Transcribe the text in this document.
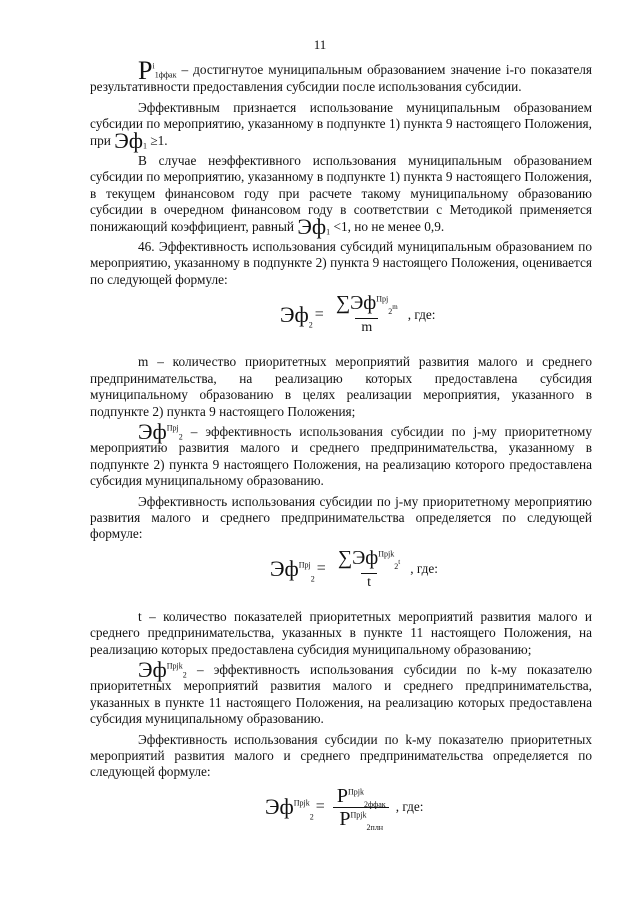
11

$P^i_{1ффак}$ – достигнутое муниципальным образованием значение i-го показателя результативности предоставления субсидии после использования субсидии.

Эффективным признается использование муниципальным образованием субсидии по мероприятию, указанному в подпункте 1) пункта 9 настоящего Положения, при $Эф_1 \ge 1$.

В случае неэффективного использования муниципальным образованием субсидии по мероприятию, указанному в подпункте 1) пункта 9 настоящего Положения, в текущем финансовом году при расчете такому муниципальному образованию субсидии в очередном финансовом году в соответствии с Методикой применяется понижающий коэффициент, равный $Эф_1 <1$, но не менее 0,9.

46. Эффективность использования субсидий муниципальным образованием по мероприятию, указанному в подпункте 2) пункта 9 настоящего Положения, оценивается по следующей формуле:

$Эф_2$
= $\frac{\sum Эф^{Прj}_2m}{m}$ , где:

m – количество приоритетных мероприятий развития малого и среднего предпринимательства, на реализацию которых предоставлена субсидия муниципальному образованию в целях реализации мероприятия, указанного в подпункте 2) пункта 9 настоящего Положения;

$Эф^{Прj}_2$ – эффективность использования субсидии по j-му приоритетному мероприятию развития малого и среднего предпринимательства, указанному в подпункте 2) пункта 9 настоящего Положения, на реализацию которого предоставлена субсидия муниципальному образованию.

Эффективность использования субсидии по j-му приоритетному мероприятию развития малого и среднего предпринимательства определяется по следующей формуле:

$Эф^{Прj}_2$
= $\frac{\sum Эф^{Прjk}_2t}{t}$ , где:

t – количество показателей приоритетных мероприятий развития малого и среднего предпринимательства, указанных в пункте 11 настоящего Положения, на реализацию которых предоставлена субсидия муниципальному образованию;

$Эф^{Прjk}_2$ – эффективность использования субсидии по k-му показателю приоритетных мероприятий развития малого и среднего предпринимательства, указанных в пункте 11 настоящего Положения, на реализацию которых предоставлена субсидия муниципальному образованию.

Эффективность использования субсидии по k-му показателю приоритетных мероприятий развития малого и среднего предпринимательства определяется по следующей формуле:

$Эф^{Прjk}_2$
= $\frac{P^{Прjk}_{2ффак}}{P^{Прjk}_{2плн}}$ , где:
